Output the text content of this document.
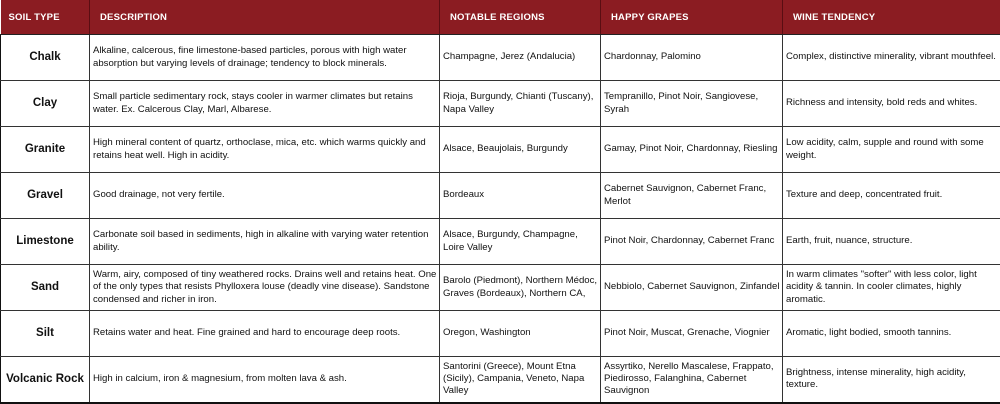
SOIL TYPE	DESCRIPTION	NOTABLE REGIONS	HAPPY GRAPES	WINE TENDENCY
Chalk	Alkaline, calcerous, fine limestone-based particles, porous with high water absorption but varying levels of drainage; tendency to block minerals.	Champagne, Jerez (Andalucia)	Chardonnay, Palomino	Complex, distinctive minerality, vibrant mouthfeel.
Clay	Small particle sedimentary rock, stays cooler in warmer climates but retains water. Ex. Calcerous Clay, Marl, Albarese.	Rioja, Burgundy, Chianti (Tuscany), Napa Valley	Tempranillo, Pinot Noir, Sangiovese, Syrah	Richness and intensity, bold reds and whites.
Granite	High mineral content of quartz, orthoclase, mica, etc. which warms quickly and retains heat well. High in acidity.	Alsace, Beaujolais, Burgundy	Gamay, Pinot Noir, Chardonnay, Riesling	Low acidity, calm, supple and round with some weight.
Gravel	Good drainage, not very fertile.	Bordeaux	Cabernet Sauvignon, Cabernet Franc, Merlot	Texture and deep, concentrated fruit.
Limestone	Carbonate soil based in sediments, high in alkaline with varying water retention ability.	Alsace, Burgundy, Champagne, Loire Valley	Pinot Noir, Chardonnay, Cabernet Franc	Earth, fruit, nuance, structure.
Sand	Warm, airy, composed of tiny weathered rocks. Drains well and retains heat. One of the only types that resists Phylloxera louse (deadly vine disease). Sandstone condensed and richer in iron.	Barolo (Piedmont), Northern Médoc, Graves (Bordeaux), Northern CA,	Nebbiolo, Cabernet Sauvignon, Zinfandel	In warm climates "softer" with less color, light acidity & tannin. In cooler climates, highly aromatic.
Silt	Retains water and heat. Fine grained and hard to encourage deep roots.	Oregon, Washington	Pinot Noir, Muscat, Grenache, Viognier	Aromatic, light bodied, smooth tannins.
Volcanic Rock	High in calcium, iron & magnesium, from molten lava & ash.	Santorini (Greece), Mount Etna (Sicily), Campania, Veneto, Napa Valley	Assyrtiko, Nerello Mascalese, Frappato, Piedirosso, Falanghina, Cabernet Sauvignon	Brightness, intense minerality, high acidity, texture.
